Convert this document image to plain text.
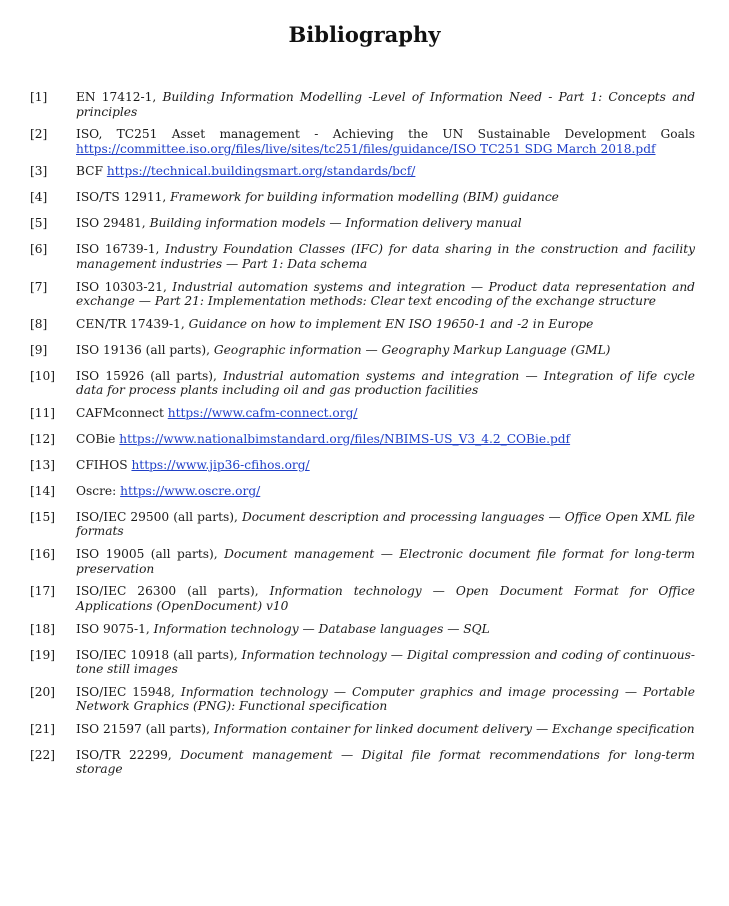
Bibliography
[1]	EN 17412-1, Building Information Modelling -Level of Information Need - Part 1: Concepts and principles
[2]	ISO, TC251 Asset management - Achieving the UN Sustainable Development Goals https://committee.iso.org/files/live/sites/tc251/files/guidance/ISO TC251 SDG March 2018.pdf
[3]	BCF https://technical.buildingsmart.org/standards/bcf/
[4]	ISO/TS 12911, Framework for building information modelling (BIM) guidance
[5]	ISO 29481, Building information models — Information delivery manual
[6]	ISO 16739-1, Industry Foundation Classes (IFC) for data sharing in the construction and facility management industries — Part 1: Data schema
[7]	ISO 10303-21, Industrial automation systems and integration — Product data representation and exchange — Part 21: Implementation methods: Clear text encoding of the exchange structure
[8]	CEN/TR 17439-1, Guidance on how to implement EN ISO 19650-1 and -2 in Europe
[9]	ISO 19136 (all parts), Geographic information — Geography Markup Language (GML)
[10]	ISO 15926 (all parts), Industrial automation systems and integration — Integration of life cycle data for process plants including oil and gas production facilities
[11]	CAFMconnect https://www.cafm-connect.org/
[12]	COBie https://www.nationalbimstandard.org/files/NBIMS-US_V3_4.2_COBie.pdf
[13]	CFIHOS https://www.jip36-cfihos.org/
[14]	Oscre: https://www.oscre.org/
[15]	ISO/IEC 29500 (all parts), Document description and processing languages — Office Open XML file formats
[16]	ISO 19005 (all parts), Document management — Electronic document file format for long-term preservation
[17]	ISO/IEC 26300 (all parts), Information technology — Open Document Format for Office Applications (OpenDocument) v10
[18]	ISO 9075-1, Information technology — Database languages — SQL
[19]	ISO/IEC 10918 (all parts), Information technology — Digital compression and coding of continuous-tone still images
[20]	ISO/IEC 15948, Information technology — Computer graphics and image processing — Portable Network Graphics (PNG): Functional specification
[21]	ISO 21597 (all parts), Information container for linked document delivery — Exchange specification
[22]	ISO/TR 22299, Document management — Digital file format recommendations for long-term storage
